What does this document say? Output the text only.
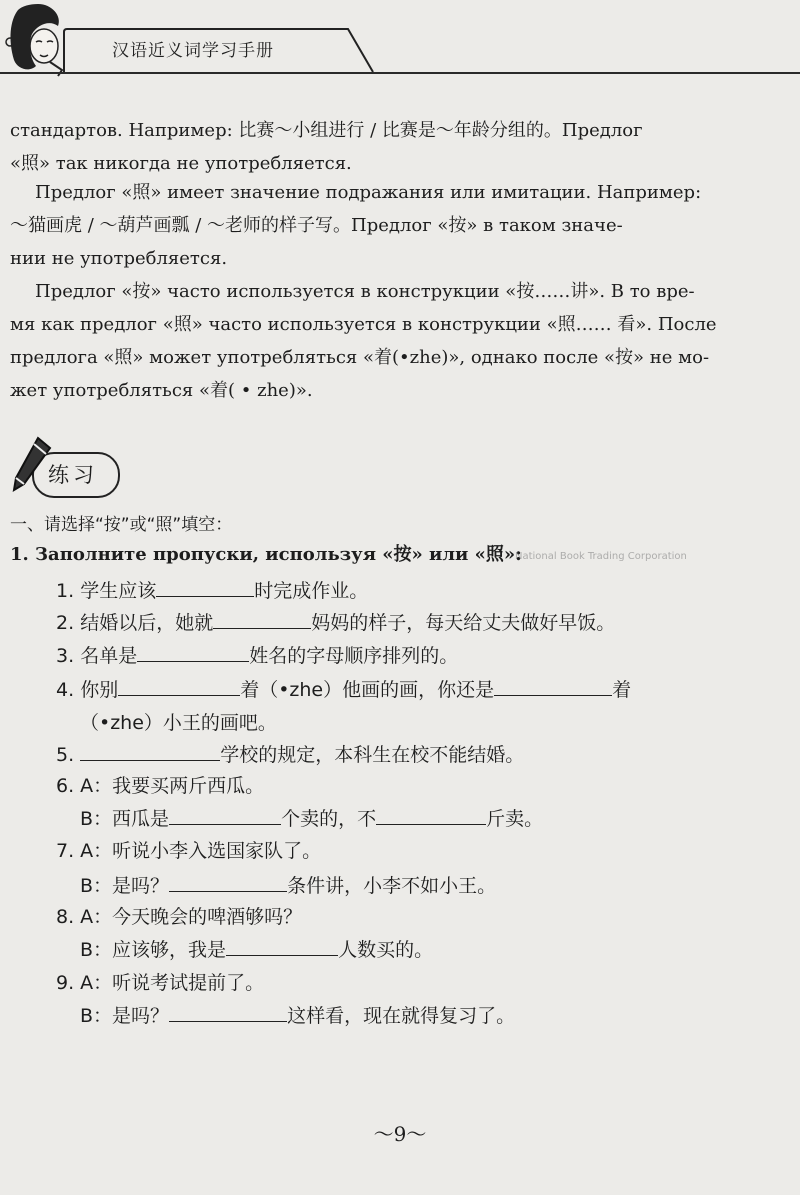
汉语近义词学习手册
стандартов. Например: 比赛～小组进行 / 比赛是～年龄分组的。Предлог
«照» так никогда не употребляется.
Предлог «照» имеет значение подражания или имитации. Например:
～猫画虎 / ～葫芦画瓢 / ～老师的样子写。Предлог «按» в таком значе-
нии не употребляется.
Предлог «按» часто используется в конструкции «按……讲». В то вре-
мя как предлог «照» часто используется в конструкции «照…… 看». После
предлога «照» может употребляться «着(•zhe)», однако после «按» не мо-
жет употребляться «着( • zhe)».
练习

一、请选择“按”或“照”填空：

1. Заполните пропуски, используя «按» или «照»:

National Book Trading Corporation
1. 学生应该	时完成作业。
2. 结婚以后，她就	妈妈的样子，每天给丈夫做好早饭。
3. 名单是	姓名的字母顺序排列的。
4. 你别	着（•zhe）他画的画，你还是	着
（•zhe）小王的画吧。
5.	学校的规定，本科生在校不能结婚。
6. A：我要买两斤西瓜。
B：西瓜是	个卖的，不	斤卖。
7. A：听说小李入选国家队了。
B：是吗？	条件讲，小李不如小王。
8. A：今天晚会的啤酒够吗？
B：应该够，我是	人数买的。
9. A：听说考试提前了。
B：是吗？	这样看，现在就得复习了。
～9～
